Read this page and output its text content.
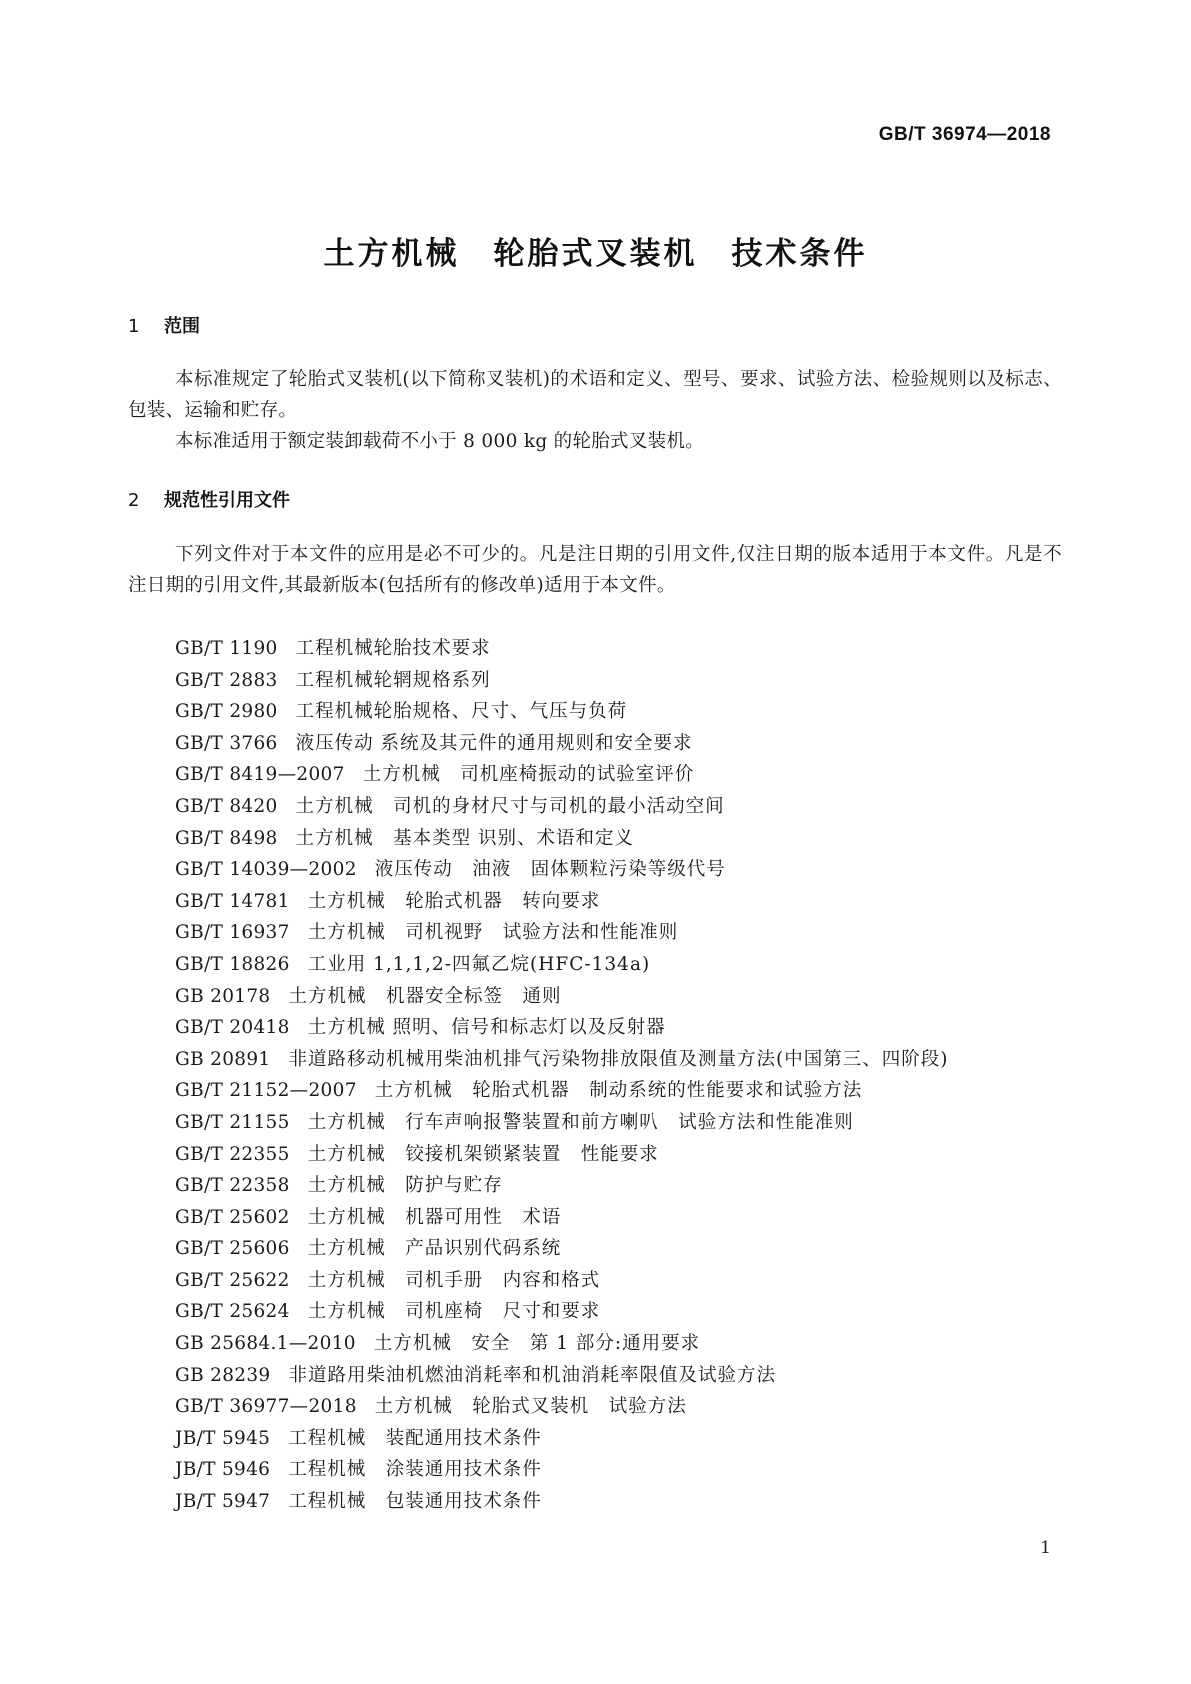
GB/T 36974—2018
土方机械　轮胎式叉装机　技术条件
1 范围
本标准规定了轮胎式叉装机(以下简称叉装机)的术语和定义、型号、要求、试验方法、检验规则以及标志、包装、运输和贮存。
本标准适用于额定装卸载荷不小于 8 000 kg 的轮胎式叉装机。
2 规范性引用文件
下列文件对于本文件的应用是必不可少的。凡是注日期的引用文件,仅注日期的版本适用于本文件。凡是不注日期的引用文件,其最新版本(包括所有的修改单)适用于本文件。
GB/T 1190 工程机械轮胎技术要求
GB/T 2883 工程机械轮辋规格系列
GB/T 2980 工程机械轮胎规格、尺寸、气压与负荷
GB/T 3766 液压传动 系统及其元件的通用规则和安全要求
GB/T 8419—2007 土方机械　司机座椅振动的试验室评价
GB/T 8420 土方机械　司机的身材尺寸与司机的最小活动空间
GB/T 8498 土方机械　基本类型 识别、术语和定义
GB/T 14039—2002 液压传动　油液　固体颗粒污染等级代号
GB/T 14781 土方机械　轮胎式机器　转向要求
GB/T 16937 土方机械　司机视野　试验方法和性能准则
GB/T 18826 工业用 1,1,1,2-四氟乙烷(HFC-134a)
GB 20178 土方机械　机器安全标签　通则
GB/T 20418 土方机械 照明、信号和标志灯以及反射器
GB 20891 非道路移动机械用柴油机排气污染物排放限值及测量方法(中国第三、四阶段)
GB/T 21152—2007 土方机械　轮胎式机器　制动系统的性能要求和试验方法
GB/T 21155 土方机械　行车声响报警装置和前方喇叭　试验方法和性能准则
GB/T 22355 土方机械　铰接机架锁紧装置　性能要求
GB/T 22358 土方机械　防护与贮存
GB/T 25602 土方机械　机器可用性　术语
GB/T 25606 土方机械　产品识别代码系统
GB/T 25622 土方机械　司机手册　内容和格式
GB/T 25624 土方机械　司机座椅　尺寸和要求
GB 25684.1—2010 土方机械　安全　第 1 部分:通用要求
GB 28239 非道路用柴油机燃油消耗率和机油消耗率限值及试验方法
GB/T 36977—2018 土方机械　轮胎式叉装机　试验方法
JB/T 5945 工程机械　装配通用技术条件
JB/T 5946 工程机械　涂装通用技术条件
JB/T 5947 工程机械　包装通用技术条件
1
